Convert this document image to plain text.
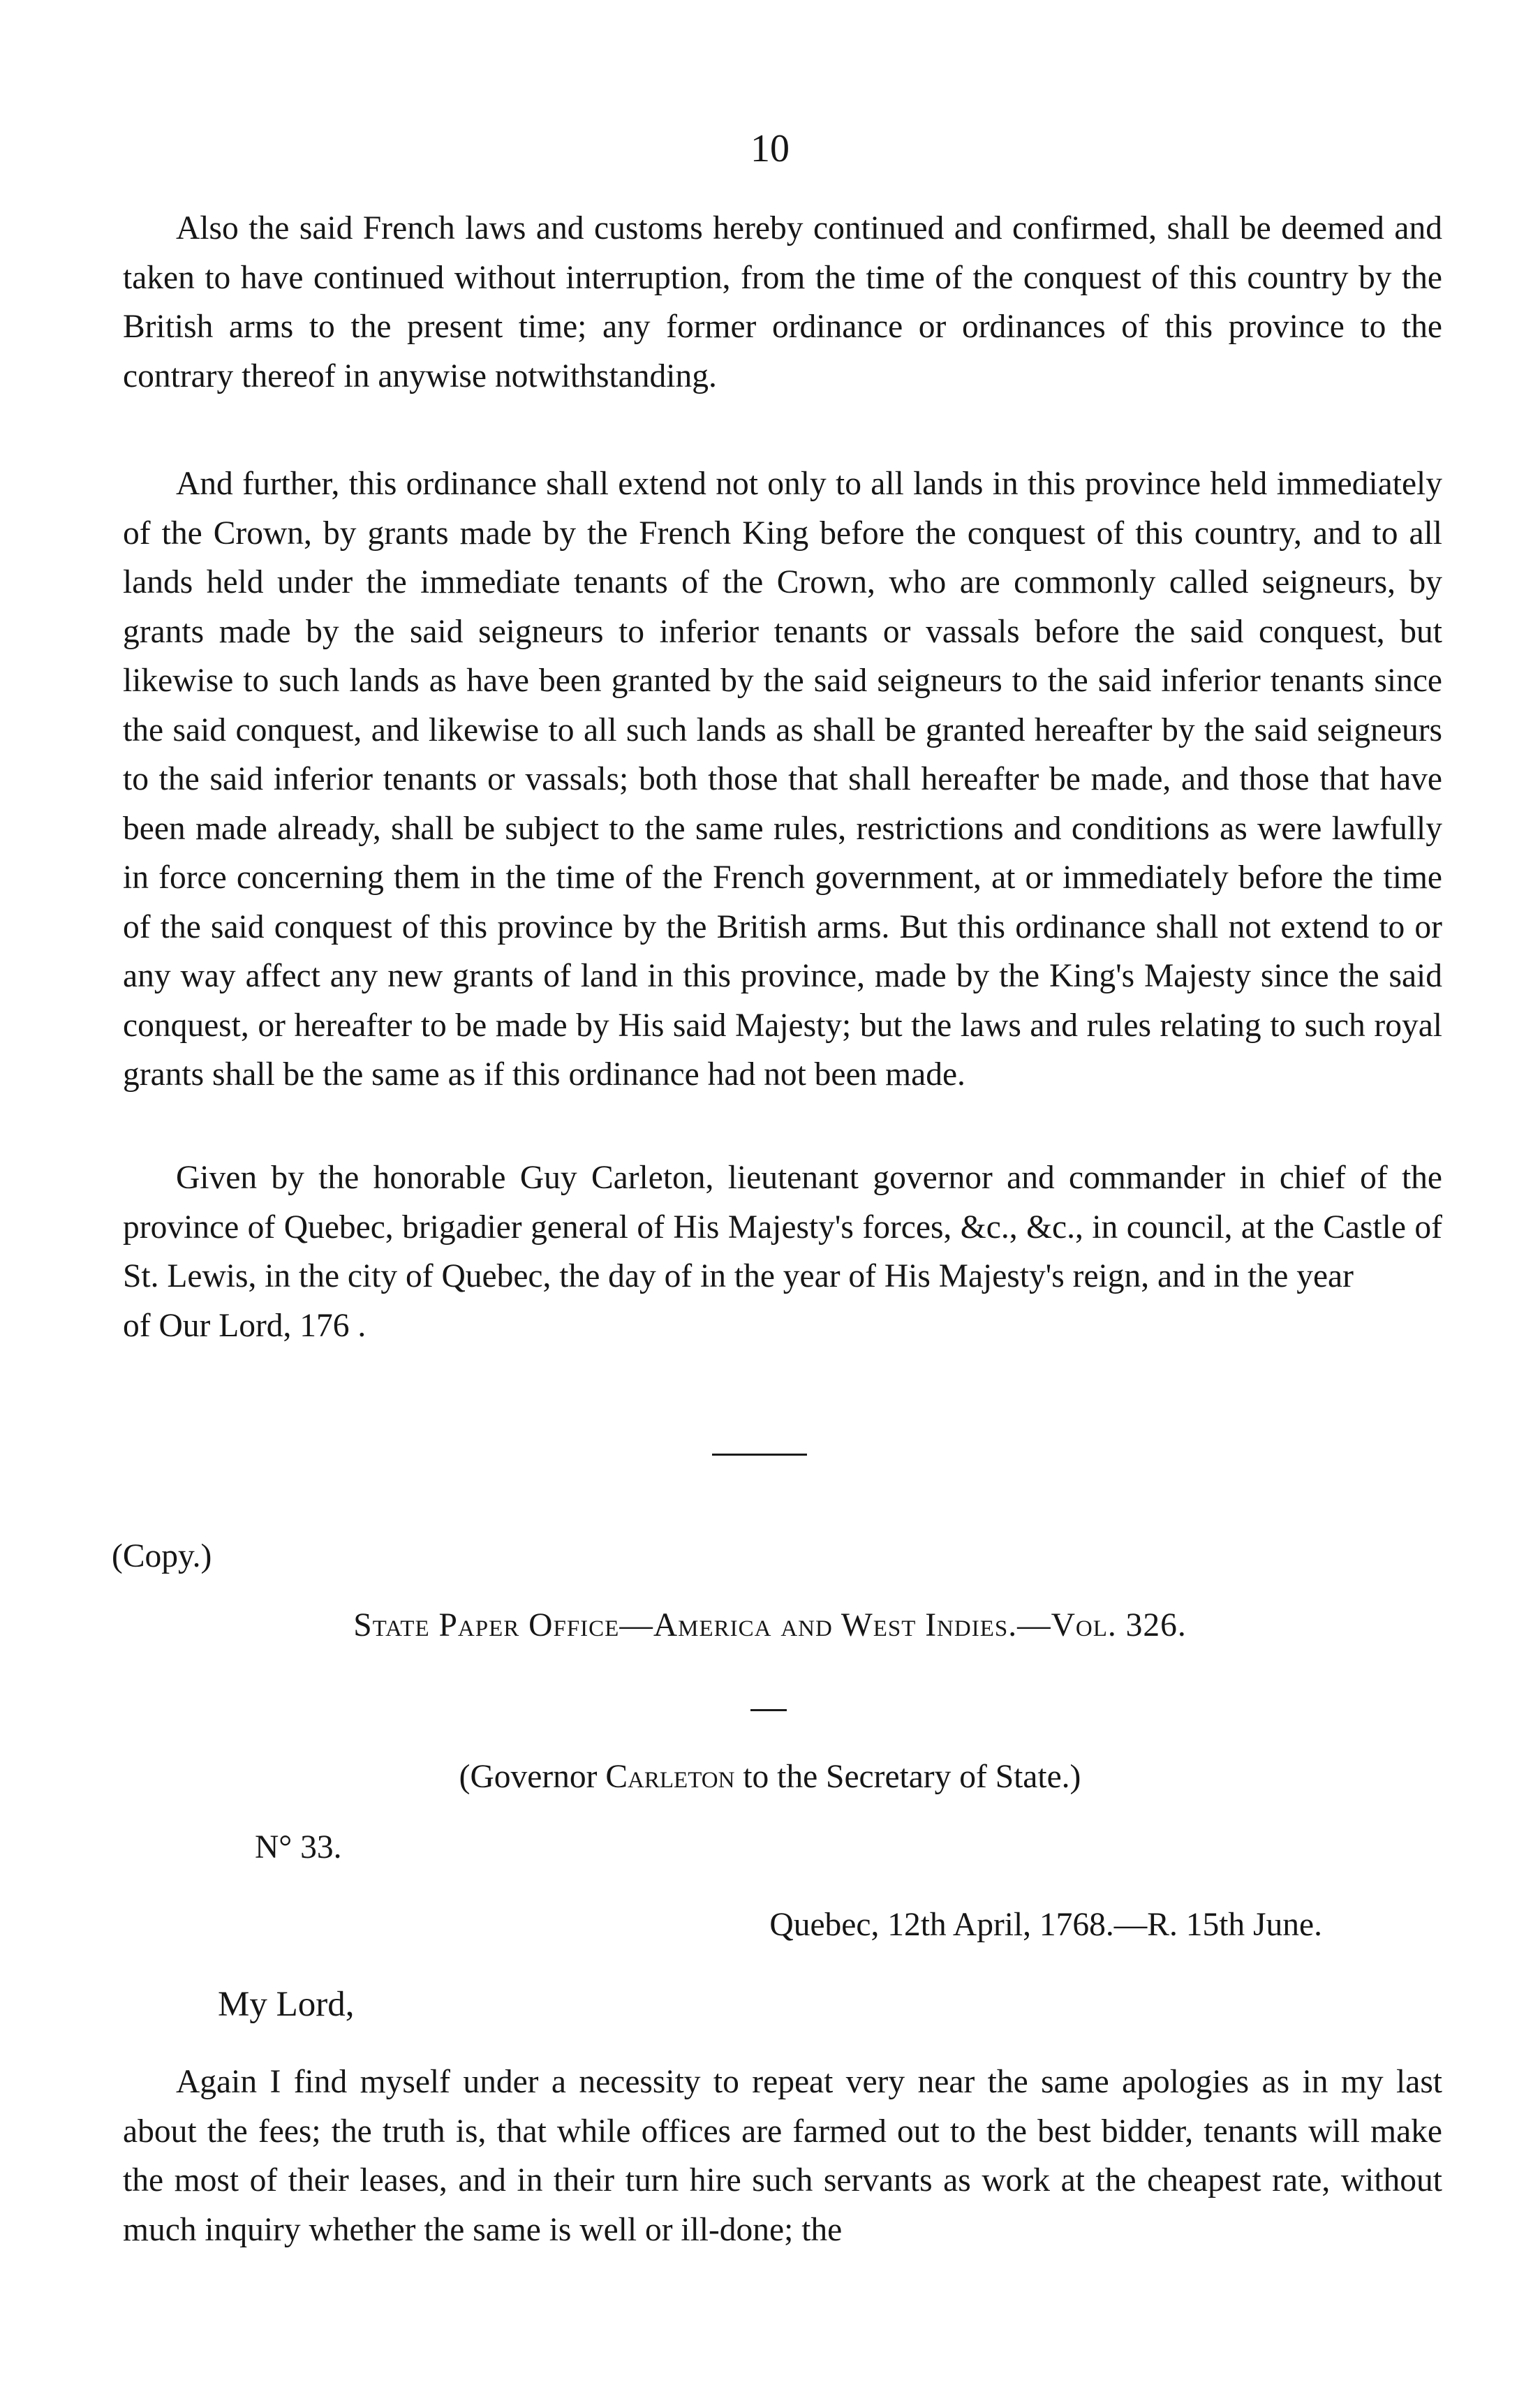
10

Also the said French laws and customs hereby continued and confirmed, shall be deemed and taken to have continued without interruption, from the time of the conquest of this country by the British arms to the present time; any former ordinance or ordinances of this province to the contrary thereof in anywise notwithstanding.

And further, this ordinance shall extend not only to all lands in this province held immediately of the Crown, by grants made by the French King before the conquest of this country, and to all lands held under the immediate tenants of the Crown, who are commonly called seigneurs, by grants made by the said seigneurs to inferior tenants or vassals before the said conquest, but likewise to such lands as have been granted by the said seigneurs to the said inferior tenants since the said conquest, and likewise to all such lands as shall be granted hereafter by the said seigneurs to the said inferior tenants or vassals; both those that shall hereafter be made, and those that have been made already, shall be subject to the same rules, restrictions and conditions as were lawfully in force concerning them in the time of the French government, at or immediately before the time of the said conquest of this province by the British arms. But this ordinance shall not extend to or any way affect any new grants of land in this province, made by the King's Majesty since the said conquest, or hereafter to be made by His said Majesty; but the laws and rules relating to such royal grants shall be the same as if this ordinance had not been made.

Given by the honorable Guy Carleton, lieutenant governor and commander in chief of the province of Quebec, brigadier general of His Majesty's forces, &c., &c., in council, at the Castle of St. Lewis, in the city of Quebec, the day of in the year of His Majesty's reign, and in the year
of Our Lord, 176 .

(Copy.)
State Paper Office—America and West Indies.—Vol. 326.
(Governor Carleton to the Secretary of State.)
N° 33.
Quebec, 12th April, 1768.—R. 15th June.
My Lord,

Again I find myself under a necessity to repeat very near the same apologies as in my last about the fees; the truth is, that while offices are farmed out to the best bidder, tenants will make the most of their leases, and in their turn hire such servants as work at the cheapest rate, without much inquiry whether the same is well or ill-done; the
